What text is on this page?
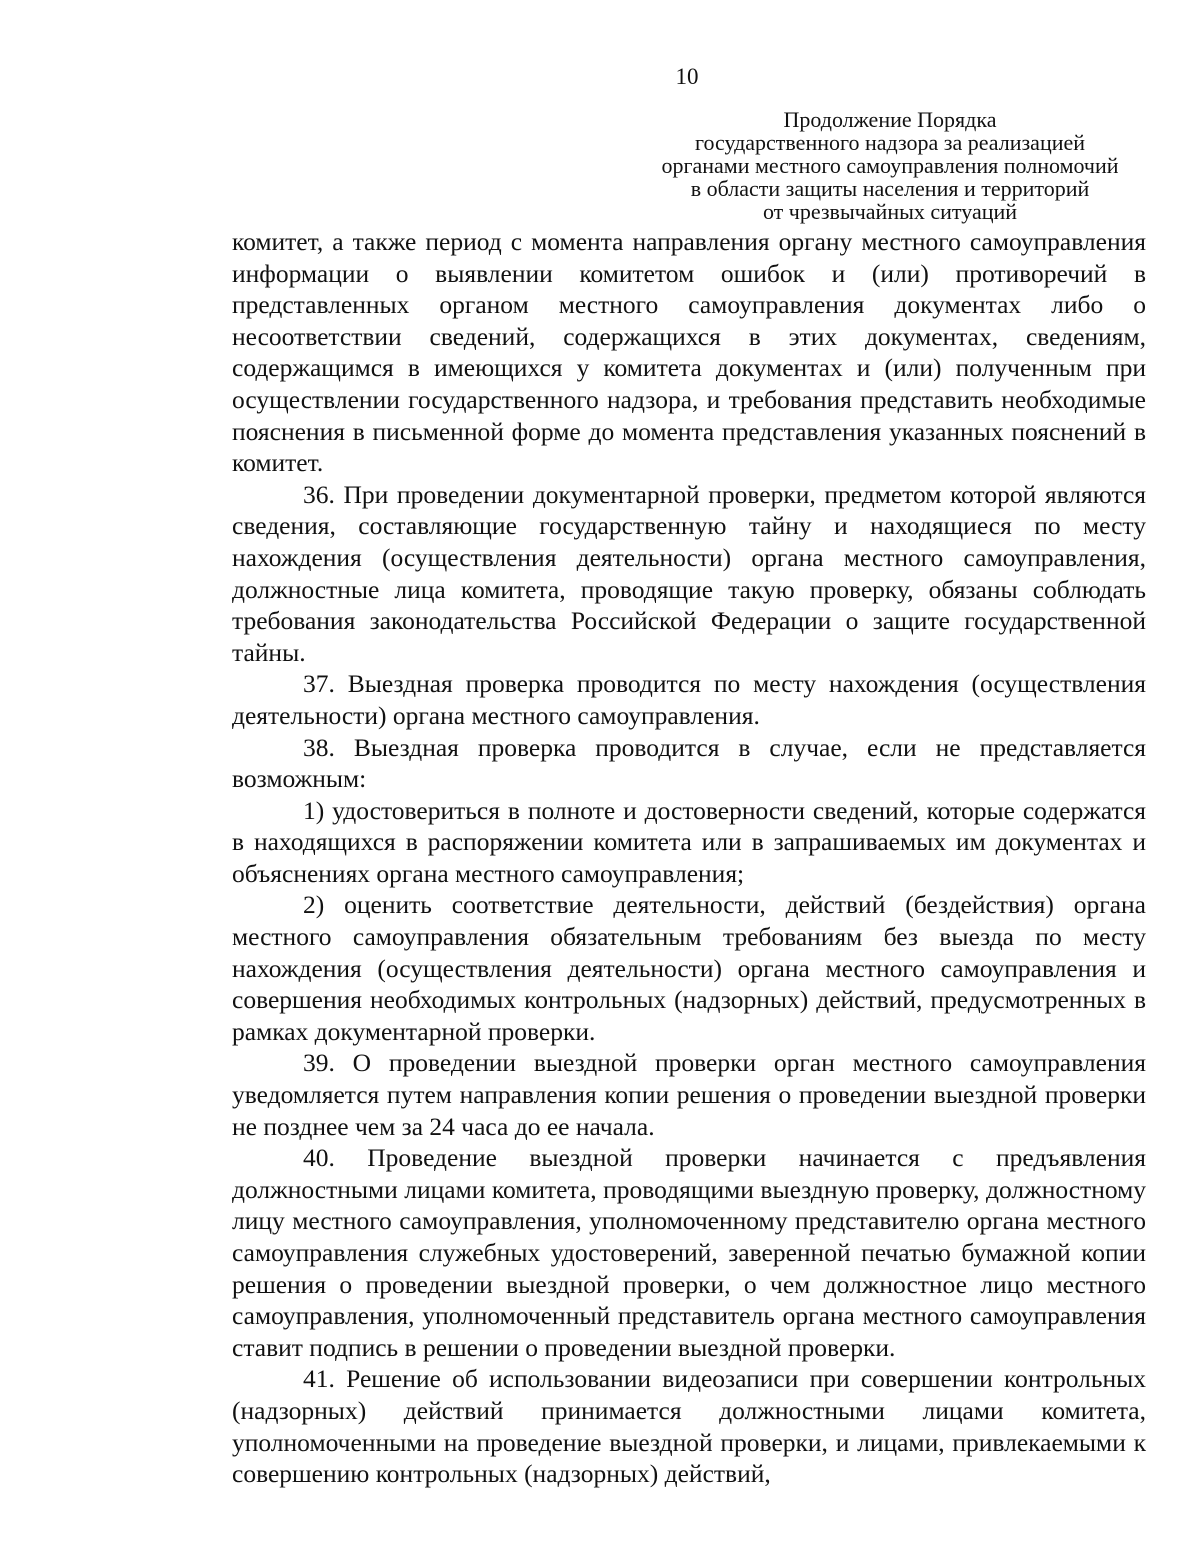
10
Продолжение Порядка
государственного надзора за реализацией
органами местного самоуправления полномочий
в области защиты населения и территорий
от чрезвычайных ситуаций

комитет, а также период с момента направления органу местного самоуправления информации о выявлении комитетом ошибок и (или) противоречий в представленных органом местного самоуправления документах либо о несоответствии сведений, содержащихся в этих документах, сведениям, содержащимся в имеющихся у комитета документах и (или) полученным при осуществлении государственного надзора, и требования представить необходимые пояснения в письменной форме до момента представления указанных пояснений в комитет.

36. При проведении документарной проверки, предметом которой являются сведения, составляющие государственную тайну и находящиеся по месту нахождения (осуществления деятельности) органа местного самоуправления, должностные лица комитета, проводящие такую проверку, обязаны соблюдать требования законодательства Российской Федерации о защите государственной тайны.

37. Выездная проверка проводится по месту нахождения (осуществления деятельности) органа местного самоуправления.

38. Выездная проверка проводится в случае, если не представляется возможным:

1) удостовериться в полноте и достоверности сведений, которые содержатся в находящихся в распоряжении комитета или в запрашиваемых им документах и объяснениях органа местного самоуправления;

2) оценить соответствие деятельности, действий (бездействия) органа местного самоуправления обязательным требованиям без выезда по месту нахождения (осуществления деятельности) органа местного самоуправления и совершения необходимых контрольных (надзорных) действий, предусмотренных в рамках документарной проверки.

39. О проведении выездной проверки орган местного самоуправления уведомляется путем направления копии решения о проведении выездной проверки не позднее чем за 24 часа до ее начала.

40. Проведение выездной проверки начинается с предъявления должностными лицами комитета, проводящими выездную проверку, должностному лицу местного самоуправления, уполномоченному представителю органа местного самоуправления служебных удостоверений, заверенной печатью бумажной копии решения о проведении выездной проверки, о чем должностное лицо местного самоуправления, уполномоченный представитель органа местного самоуправления ставит подпись в решении о проведении выездной проверки.

41. Решение об использовании видеозаписи при совершении контрольных (надзорных) действий принимается должностными лицами комитета, уполномоченными на проведение выездной проверки, и лицами, привлекаемыми к совершению контрольных (надзорных) действий,
